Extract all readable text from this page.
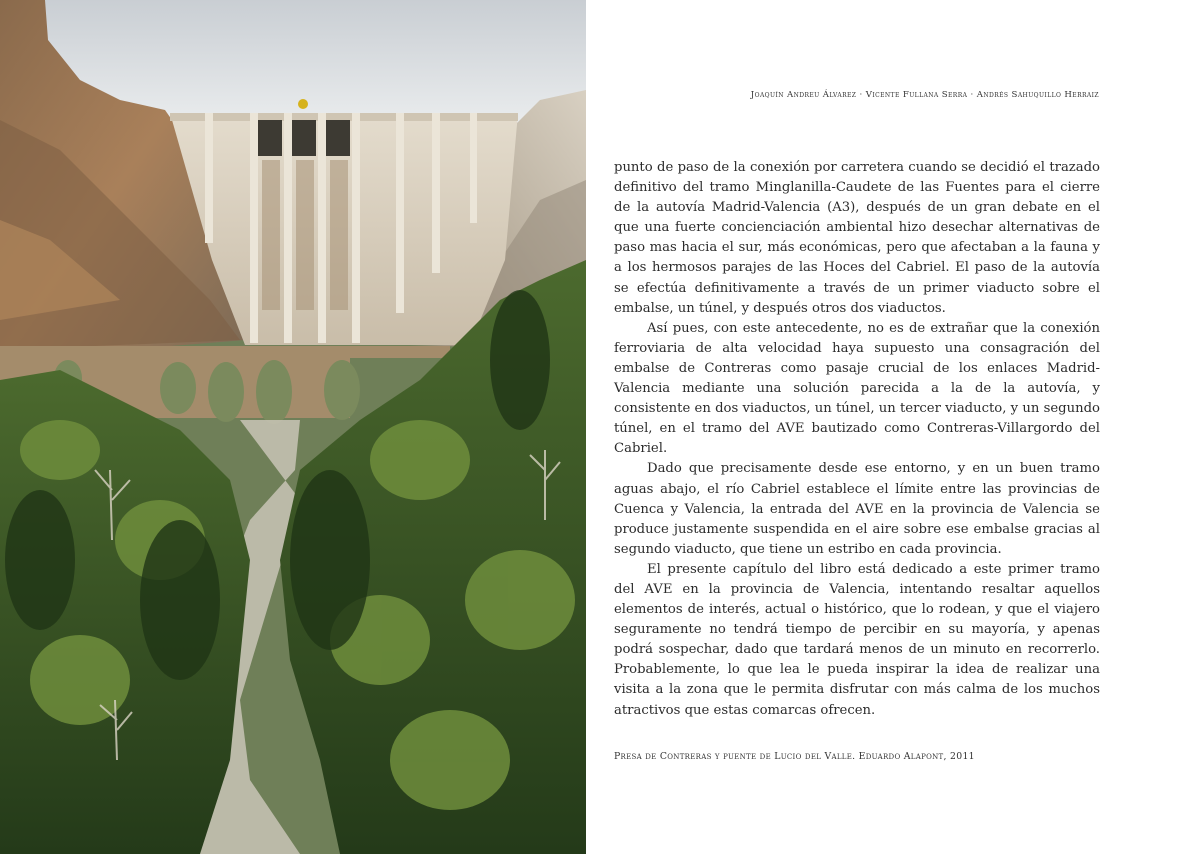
Joaquín Andreu Álvarez · Vicente Fullana Serra · Andrés Sahuquillo Herraiz

punto de paso de la conexión por carretera cuando se decidió el trazado definitivo del tramo Minglanilla-Caudete de las Fuentes para el cierre de la autovía Madrid-Valencia (A3), después de un gran debate en el que una fuerte concienciación ambiental hizo desechar alternativas de paso mas hacia el sur, más económicas, pero que afectaban a la fauna y a los hermosos parajes de las Hoces del Cabriel. El paso de la autovía se efectúa definitivamente a través de un primer viaducto sobre el embalse, un túnel, y después otros dos viaductos.

Así pues, con este antecedente, no es de extrañar que la conexión ferroviaria de alta velocidad haya supuesto una consagración del embalse de Contreras como pasaje crucial de los enlaces Madrid-Valencia mediante una solución parecida a la de la autovía, y consistente en dos viaductos, un túnel, un tercer viaducto, y un segundo túnel, en el tramo del AVE bautizado como Contreras-Villargordo del Cabriel.

Dado que precisamente desde ese entorno, y en un buen tramo aguas abajo, el río Cabriel establece el límite entre las provincias de Cuenca y Valencia, la entrada del AVE en la provincia de Valencia se produce justamente suspendida en el aire sobre ese embalse gracias al segundo viaducto, que tiene un estribo en cada provincia.

El presente capítulo del libro está dedicado a este primer tramo del AVE en la provincia de Valencia, intentando resaltar aquellos elementos de interés, actual o histórico, que lo rodean, y que el viajero seguramente no tendrá tiempo de percibir en su mayoría, y apenas podrá sospechar, dado que tardará menos de un minuto en recorrerlo. Probablemente, lo que lea le pueda inspirar la idea de realizar una visita a la zona que le permita disfrutar con más calma de los muchos atractivos que estas comarcas ofrecen.

Presa de Contreras y puente de Lucio del Valle. Eduardo Alapont, 2011
